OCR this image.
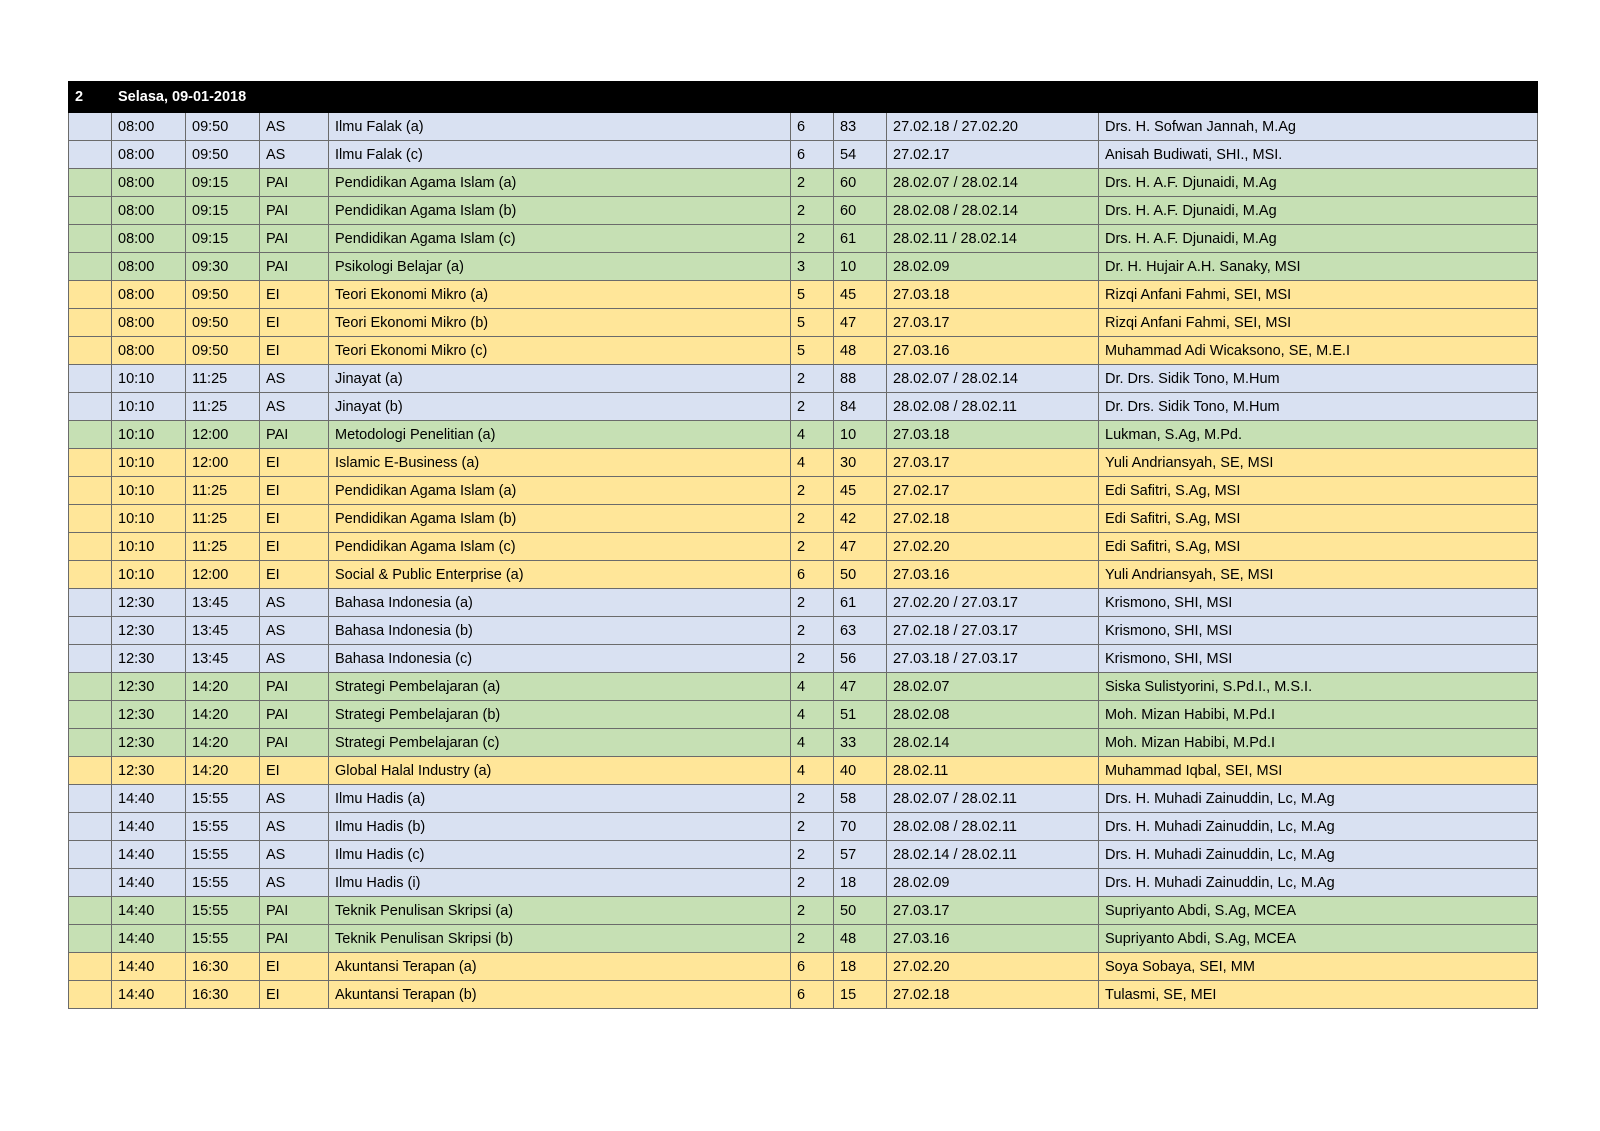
2	Selasa, 09-01-2018							
	08:00	09:50	AS	Ilmu Falak (a)	6	83	27.02.18 / 27.02.20	Drs. H. Sofwan Jannah, M.Ag
	08:00	09:50	AS	Ilmu Falak (c)	6	54	27.02.17	Anisah Budiwati, SHI., MSI.
	08:00	09:15	PAI	Pendidikan Agama Islam (a)	2	60	28.02.07 / 28.02.14	Drs. H. A.F. Djunaidi, M.Ag
	08:00	09:15	PAI	Pendidikan Agama Islam (b)	2	60	28.02.08 / 28.02.14	Drs. H. A.F. Djunaidi, M.Ag
	08:00	09:15	PAI	Pendidikan Agama Islam (c)	2	61	28.02.11 / 28.02.14	Drs. H. A.F. Djunaidi, M.Ag
	08:00	09:30	PAI	Psikologi Belajar (a)	3	10	28.02.09	Dr. H. Hujair A.H. Sanaky, MSI
	08:00	09:50	EI	Teori Ekonomi Mikro (a)	5	45	27.03.18	Rizqi Anfani Fahmi, SEI, MSI
	08:00	09:50	EI	Teori Ekonomi Mikro (b)	5	47	27.03.17	Rizqi Anfani Fahmi, SEI, MSI
	08:00	09:50	EI	Teori Ekonomi Mikro (c)	5	48	27.03.16	Muhammad Adi Wicaksono, SE, M.E.I
	10:10	11:25	AS	Jinayat (a)	2	88	28.02.07 / 28.02.14	Dr. Drs. Sidik Tono, M.Hum
	10:10	11:25	AS	Jinayat (b)	2	84	28.02.08 / 28.02.11	Dr. Drs. Sidik Tono, M.Hum
	10:10	12:00	PAI	Metodologi Penelitian (a)	4	10	27.03.18	Lukman, S.Ag, M.Pd.
	10:10	12:00	EI	Islamic E-Business (a)	4	30	27.03.17	Yuli Andriansyah, SE, MSI
	10:10	11:25	EI	Pendidikan Agama Islam (a)	2	45	27.02.17	Edi Safitri, S.Ag, MSI
	10:10	11:25	EI	Pendidikan Agama Islam (b)	2	42	27.02.18	Edi Safitri, S.Ag, MSI
	10:10	11:25	EI	Pendidikan Agama Islam (c)	2	47	27.02.20	Edi Safitri, S.Ag, MSI
	10:10	12:00	EI	Social & Public Enterprise (a)	6	50	27.03.16	Yuli Andriansyah, SE, MSI
	12:30	13:45	AS	Bahasa Indonesia (a)	2	61	27.02.20 / 27.03.17	Krismono, SHI, MSI
	12:30	13:45	AS	Bahasa Indonesia (b)	2	63	27.02.18 / 27.03.17	Krismono, SHI, MSI
	12:30	13:45	AS	Bahasa Indonesia (c)	2	56	27.03.18 / 27.03.17	Krismono, SHI, MSI
	12:30	14:20	PAI	Strategi Pembelajaran (a)	4	47	28.02.07	Siska Sulistyorini, S.Pd.I., M.S.I.
	12:30	14:20	PAI	Strategi Pembelajaran (b)	4	51	28.02.08	Moh. Mizan Habibi, M.Pd.I
	12:30	14:20	PAI	Strategi Pembelajaran (c)	4	33	28.02.14	Moh. Mizan Habibi, M.Pd.I
	12:30	14:20	EI	Global Halal Industry (a)	4	40	28.02.11	Muhammad Iqbal, SEI, MSI
	14:40	15:55	AS	Ilmu Hadis (a)	2	58	28.02.07 / 28.02.11	Drs. H. Muhadi Zainuddin, Lc, M.Ag
	14:40	15:55	AS	Ilmu Hadis (b)	2	70	28.02.08 / 28.02.11	Drs. H. Muhadi Zainuddin, Lc, M.Ag
	14:40	15:55	AS	Ilmu Hadis (c)	2	57	28.02.14 / 28.02.11	Drs. H. Muhadi Zainuddin, Lc, M.Ag
	14:40	15:55	AS	Ilmu Hadis (i)	2	18	28.02.09	Drs. H. Muhadi Zainuddin, Lc, M.Ag
	14:40	15:55	PAI	Teknik Penulisan Skripsi (a)	2	50	27.03.17	Supriyanto Abdi, S.Ag, MCEA
	14:40	15:55	PAI	Teknik Penulisan Skripsi (b)	2	48	27.03.16	Supriyanto Abdi, S.Ag, MCEA
	14:40	16:30	EI	Akuntansi Terapan (a)	6	18	27.02.20	Soya Sobaya, SEI, MM
	14:40	16:30	EI	Akuntansi Terapan (b)	6	15	27.02.18	Tulasmi, SE, MEI
